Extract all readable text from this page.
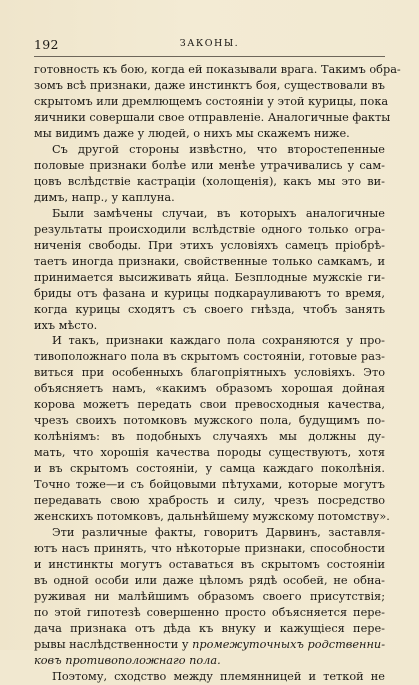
192	ЗАКОНЫ.
готовность къ бою, когда ей показывали врага. Такимъ обра-
зомъ всѣ признаки, даже инстинктъ боя, существовали въ
скрытомъ или дремлющемъ состояніи у этой курицы, пока
яичники совершали свое отправленіе. Аналогичные факты
мы видимъ даже у людей, о нихъ мы скажемъ ниже.
Съ другой стороны извѣстно, что второстепенные
половые признаки болѣе или менѣе утрачивались у сам-
цовъ вслѣдствіе кастраціи (холощенія), какъ мы это ви-
димъ, напр., у каплуна.
Были замѣчены случаи, въ которыхъ аналогичные
результаты происходили вслѣдствіе одного только огра-
ниченія свободы. При этихъ условіяхъ самецъ пріобрѣ-
таетъ иногда признаки, свойственные только самкамъ, и
принимается высиживать яйца. Безплодные мужскіе ги-
бриды отъ фазана и курицы подкарауливаютъ то время,
когда курицы сходятъ съ своего гнѣзда, чтобъ занять
ихъ мѣсто.
И такъ, признаки каждаго пола сохраняются у про-
тивоположнаго пола въ скрытомъ состояніи, готовые раз-
виться при особенныхъ благопріятныхъ условіяхъ. Это
объясняетъ намъ, «какимъ образомъ хорошая дойная
корова можетъ передать свои превосходныя качества,
чрезъ своихъ потомковъ мужского пола, будущимъ по-
колѣніямъ: въ подобныхъ случаяхъ мы должны ду-
мать, что хорошія качества породы существуютъ, хотя
и въ скрытомъ состояніи, у самца каждаго поколѣнія.
Точно тоже—и съ бойцовыми пѣтухами, которые могутъ
передавать свою храбрость и силу, чрезъ посредство
женскихъ потомковъ, дальнѣйшему мужскому потомству».
Эти различные факты, говоритъ Дарвинъ, заставля-
ютъ насъ принять, что нѣкоторые признаки, способности
и инстинкты могутъ оставаться въ скрытомъ состояніи
въ одной особи или даже цѣломъ рядѣ особей, не обна-
руживая ни малѣйшимъ образомъ своего присутствія;
по этой гипотезѣ совершенно просто объясняется пере-
дача признака отъ дѣда къ внуку и кажущіеся пере-
рывы наслѣдственности у промежуточныхъ родственни-
ковъ противоположнаго пола.
Поэтому, сходство между племянницей и теткой не
